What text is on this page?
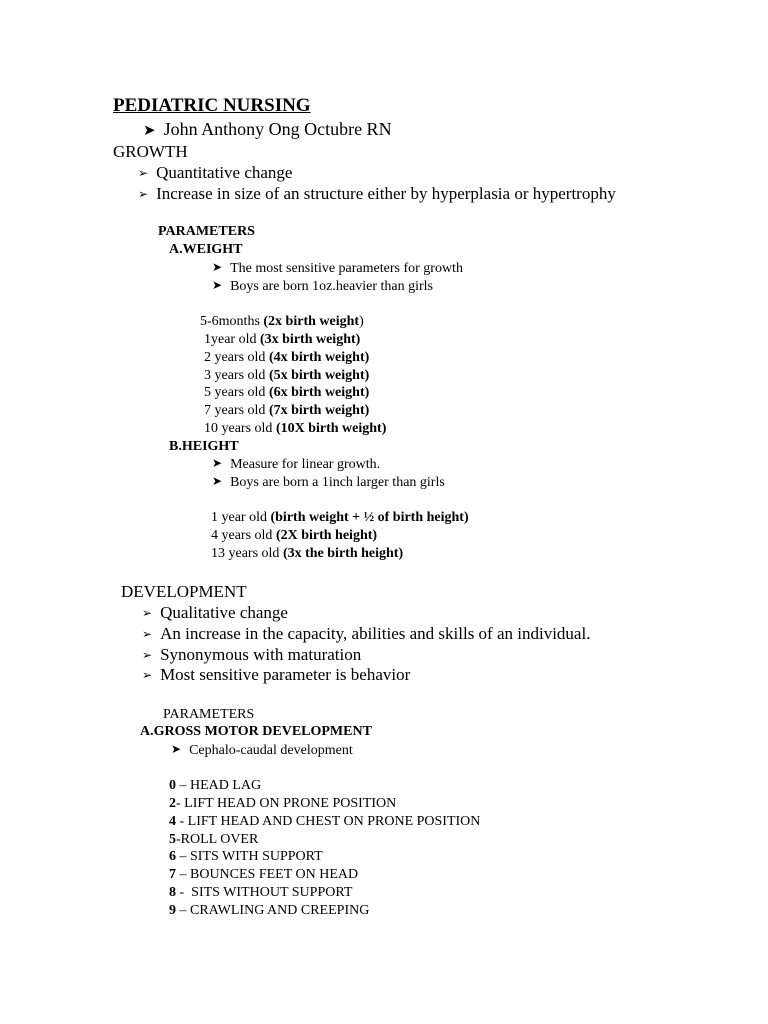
PEDIATRIC NURSING
➤ John Anthony Ong Octubre RN
GROWTH
➢ Quantitative change
➢ Increase in size of an structure either by hyperplasia or hypertrophy
PARAMETERS
A.WEIGHT
➤ The most sensitive parameters for growth
➤ Boys are born 1oz.heavier than girls
5-6months (2x birth weight)
1year old (3x birth weight)
2 years old (4x birth weight)
3 years old (5x birth weight)
5 years old (6x birth weight)
7 years old (7x birth weight)
10 years old (10X birth weight)
B.HEIGHT
➤ Measure for linear growth.
➤ Boys are born a 1inch larger than girls
1 year old (birth weight + ½ of birth height)
4 years old (2X birth height)
13 years old (3x the birth height)
DEVELOPMENT
➢ Qualitative change
➢ An increase in the capacity, abilities and skills of an individual.
➢ Synonymous with maturation
➢ Most sensitive parameter is behavior
PARAMETERS
A.GROSS MOTOR DEVELOPMENT
➤ Cephalo-caudal development
0 – HEAD LAG
2- LIFT HEAD ON PRONE POSITION
4 - LIFT HEAD AND CHEST ON PRONE POSITION
5-ROLL OVER
6 – SITS WITH SUPPORT
7 – BOUNCES FEET ON HEAD
8 -  SITS WITHOUT SUPPORT
9 – CRAWLING AND CREEPING
